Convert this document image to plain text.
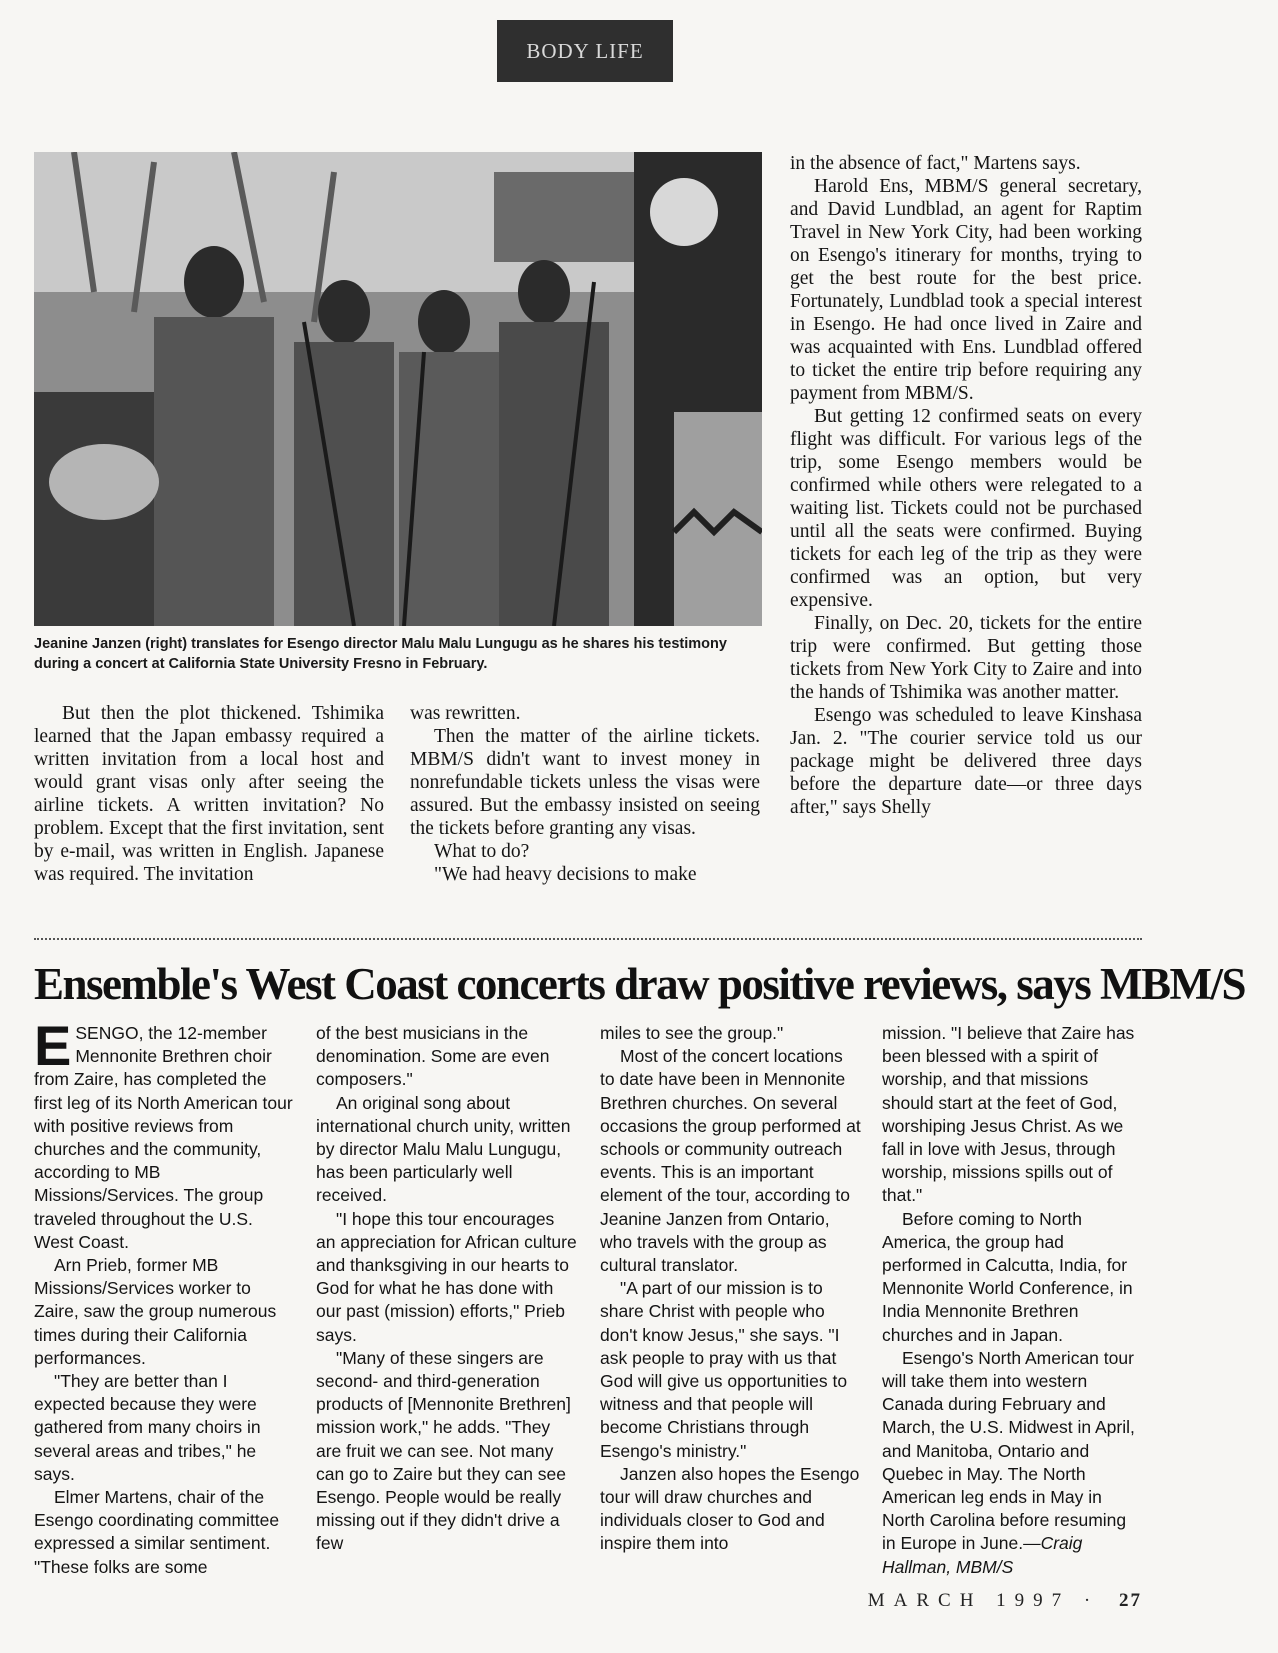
BODY LIFE
Jeanine Janzen (right) translates for Esengo director Malu Malu Lungugu as he shares his testimony during a concert at California State University Fresno in February.

But then the plot thickened. Tshimika learned that the Japan embassy required a written invitation from a local host and would grant visas only after seeing the airline tickets. A written invitation? No problem. Except that the first invitation, sent by e-mail, was written in English. Japanese was required. The invitation

was rewritten.

Then the matter of the airline tickets. MBM/S didn't want to invest money in nonrefundable tickets unless the visas were assured. But the embassy insisted on seeing the tickets before granting any visas.

What to do?

"We had heavy decisions to make

in the absence of fact," Martens says.

Harold Ens, MBM/S general secretary, and David Lundblad, an agent for Raptim Travel in New York City, had been working on Esengo's itinerary for months, trying to get the best route for the best price. Fortunately, Lundblad took a special interest in Esengo. He had once lived in Zaire and was acquainted with Ens. Lundblad offered to ticket the entire trip before requiring any payment from MBM/S.

But getting 12 confirmed seats on every flight was difficult. For various legs of the trip, some Esengo members would be confirmed while others were relegated to a waiting list. Tickets could not be purchased until all the seats were confirmed. Buying tickets for each leg of the trip as they were confirmed was an option, but very expensive.

Finally, on Dec. 20, tickets for the entire trip were confirmed. But getting those tickets from New York City to Zaire and into the hands of Tshimika was another matter.

Esengo was scheduled to leave Kinshasa Jan. 2. "The courier service told us our package might be delivered three days before the departure date—or three days after," says Shelly

Ensemble's West Coast concerts draw positive reviews, says MBM/S

ESENGO, the 12-member Mennonite Brethren choir from Zaire, has completed the first leg of its North American tour with positive reviews from churches and the community, according to MB Missions/Services. The group traveled throughout the U.S. West Coast.

Arn Prieb, former MB Missions/Services worker to Zaire, saw the group numerous times during their California performances.

"They are better than I expected because they were gathered from many choirs in several areas and tribes," he says.

Elmer Martens, chair of the Esengo coordinating committee expressed a similar sentiment. "These folks are some

of the best musicians in the denomination. Some are even composers."

An original song about international church unity, written by director Malu Malu Lungugu, has been particularly well received.

"I hope this tour encourages an appreciation for African culture and thanksgiving in our hearts to God for what he has done with our past (mission) efforts," Prieb says.

"Many of these singers are second- and third-generation products of [Mennonite Brethren] mission work," he adds. "They are fruit we can see. Not many can go to Zaire but they can see Esengo. People would be really missing out if they didn't drive a few

miles to see the group."

Most of the concert locations to date have been in Mennonite Brethren churches. On several occasions the group performed at schools or community outreach events. This is an important element of the tour, according to Jeanine Janzen from Ontario, who travels with the group as cultural translator.

"A part of our mission is to share Christ with people who don't know Jesus," she says. "I ask people to pray with us that God will give us opportunities to witness and that people will become Christians through Esengo's ministry."

Janzen also hopes the Esengo tour will draw churches and individuals closer to God and inspire them into

mission. "I believe that Zaire has been blessed with a spirit of worship, and that missions should start at the feet of God, worshiping Jesus Christ. As we fall in love with Jesus, through worship, missions spills out of that."

Before coming to North America, the group had performed in Calcutta, India, for Mennonite World Conference, in India Mennonite Brethren churches and in Japan.

Esengo's North American tour will take them into western Canada during February and March, the U.S. Midwest in April, and Manitoba, Ontario and Quebec in May. The North American leg ends in May in North Carolina before resuming in Europe in June.—Craig Hallman, MBM/S

MARCH 1997 · 27
